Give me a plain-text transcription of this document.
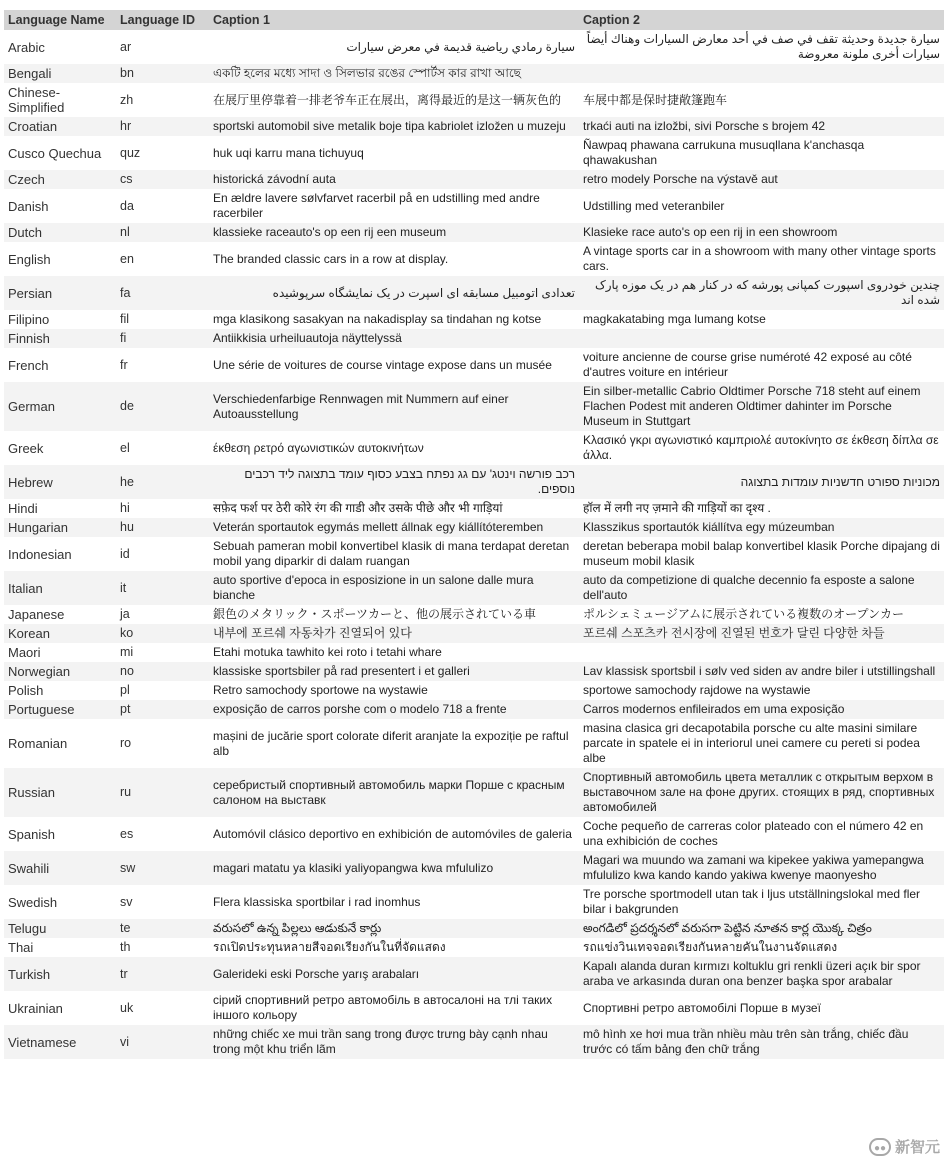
Language Name	Language ID	Caption 1	Caption 2
Arabic	ar	سيارة رمادي رياضية قديمة في معرض سيارات	سيارة جديدة وحديثة تقف في صف في أحد معارض السيارات وهناك أيضاً سيارات أخرى ملونة معروضة
Bengali	bn	একটি হলের মধ্যে সাদা ও সিলভার রঙের স্পোর্টস কার রাখা আছে	
Chinese-Simplified	zh	在展厅里停靠着一排老爷车正在展出，离得最近的是这一辆灰色的	车展中都是保时捷敞篷跑车
Croatian	hr	sportski automobil sive metalik boje tipa kabriolet izložen u muzeju	trkaći auti na izložbi, sivi Porsche s brojem 42
Cusco Quechua	quz	huk uqi karru mana tichuyuq	Ñawpaq phawana carrukuna musuqllana k'anchasqa qhawakushan
Czech	cs	historická závodní auta	retro modely Porsche na výstavě aut
Danish	da	En ældre lavere sølvfarvet racerbil på en udstilling med andre racerbiler	Udstilling med veteranbiler
Dutch	nl	klassieke raceauto's op een rij een museum	Klasieke race auto's op een rij in een showroom
English	en	The branded classic cars in a row at display.	A vintage sports car in a showroom with many other vintage sports cars.
Persian	fa	تعدادی اتومبیل مسابقه ای اسپرت در یک نمایشگاه سرپوشیده	چندین خودروی اسپورت کمپانی پورشه که در کنار هم در یک موزه پارک شده اند
Filipino	fil	mga klasikong sasakyan na nakadisplay sa tindahan ng kotse	magkakatabing mga lumang kotse
Finnish	fi	Antiikkisia urheiluautoja näyttelyssä	
French	fr	Une série de voitures de course vintage expose dans un musée	voiture ancienne de course grise numéroté 42 exposé au côté d'autres voiture en intérieur
German	de	Verschiedenfarbige Rennwagen mit Nummern auf einer Autoausstellung	Ein silber-metallic Cabrio Oldtimer Porsche 718 steht auf einem Flachen Podest mit anderen Oldtimer dahinter im Porsche Museum in Stuttgart
Greek	el	έκθεση ρετρό αγωνιστικών αυτοκινήτων	Κλασικό γκρι αγωνιστικό καμπριολέ αυτοκίνητο σε έκθεση δίπλα σε άλλα.
Hebrew	he	רכב פורשה וינטג' עם גג נפתח בצבע כסוף עומד בתצוגה ליד רכבים נוספים.	מכוניות ספורט חדשניות עומדות בתצוגה
Hindi	hi	सफ़ेद फर्श पर ठेरी कोरे रंग की गाडी और उसके पीछे और भी गाड़ियां	हॉल में लगी नए ज़माने की गाड़ियों का दृश्य .
Hungarian	hu	Veterán sportautok egymás mellett állnak egy kiállítóteremben	Klasszikus sportautók kiállítva egy múzeumban
Indonesian	id	Sebuah pameran mobil konvertibel klasik di mana terdapat deretan mobil yang diparkir di dalam ruangan	deretan beberapa mobil balap konvertibel klasik Porche dipajang di museum mobil klasik
Italian	it	auto sportive d'epoca in esposizione in un salone dalle mura bianche	auto da competizione di qualche decennio fa esposte a salone dell'auto
Japanese	ja	銀色のメタリック・スポーツカーと、他の展示されている車	ポルシェミュージアムに展示されている複数のオープンカー
Korean	ko	내부에 포르쉐 자동차가 진열되어 있다	포르쉐 스포츠카 전시장에 진열된 번호가 달린 다양한 차들
Maori	mi	Etahi motuka tawhito kei roto i tetahi whare	
Norwegian	no	klassiske sportsbiler på rad presentert i et galleri	Lav klassisk sportsbil i sølv ved siden av andre biler i utstillingshall
Polish	pl	Retro samochody sportowe na wystawie	sportowe samochody rajdowe na wystawie
Portuguese	pt	exposição de carros porshe com o modelo 718 a frente	Carros modernos enfileirados em uma exposição
Romanian	ro	mașini de jucărie sport colorate diferit aranjate la expoziție pe raftul alb	masina clasica gri decapotabila porsche cu alte masini similare parcate in spatele ei in interiorul unei camere cu pereti si podea albe
Russian	ru	серебристый спортивный автомобиль марки Порше с красным салоном на выставк	Спортивный автомобиль цвета металлик с открытым верхом в выставочном зале на фоне других. стоящих в ряд, спортивных автомобилей
Spanish	es	Automóvil clásico deportivo en exhibición de automóviles de galeria	Coche pequeño de carreras color plateado con el número 42 en una exhibición de coches
Swahili	sw	magari matatu ya klasiki yaliyopangwa kwa mfululizo	Magari wa muundo wa zamani wa kipekee yakiwa yamepangwa mfululizo kwa kando kando yakiwa kwenye maonyesho
Swedish	sv	Flera klassiska sportbilar i rad inomhus	Tre porsche sportmodell utan tak i ljus utställningslokal med fler bilar i bakgrunden
Telugu	te	వరుసలో ఉన్న పిల్లలు ఆడుకునే కార్లు	అంగడిలో ప్రదర్శనలో వరుసగా పెట్టిన నూతన కార్ల యొక్క చిత్రం
Thai	th	รถเปิดประทุนหลายสีจอดเรียงกันในที่จัดแสดง	รถแข่งวินเทจจอดเรียงกันหลายคันในงานจัดแสดง
Turkish	tr	Galerideki eski Porsche yarış arabaları	Kapalı alanda duran kırmızı koltuklu gri renkli üzeri açık bir spor araba ve arkasında duran ona benzer başka spor arabalar
Ukrainian	uk	сірий спортивний ретро автомобіль в автосалоні на тлі таких іншого кольору	Спортивні ретро автомобілі Порше в музеї
Vietnamese	vi	những chiếc xe mui trần sang trong được trưng bày cạnh nhau trong một khu triển lãm	mô hình xe hơi mua trần nhiều màu trên sàn trắng, chiếc đầu trước có tấm bảng đen chữ trắng
●● 新智元
